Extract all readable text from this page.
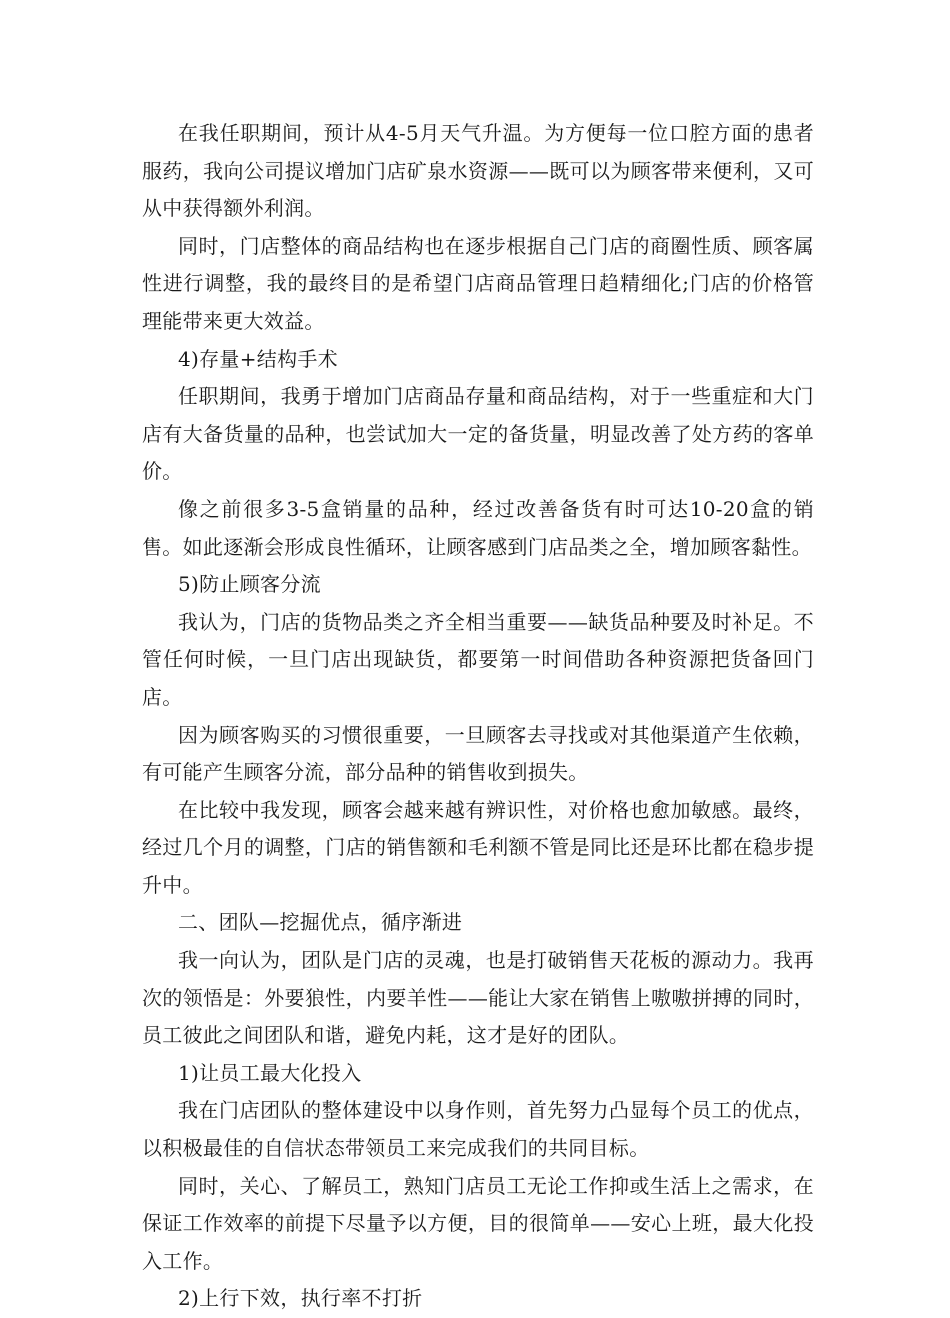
在我任职期间，预计从4-5月天气升温。为方便每一位口腔方面的患者服药，我向公司提议增加门店矿泉水资源——既可以为顾客带来便利，又可从中获得额外利润。

同时，门店整体的商品结构也在逐步根据自己门店的商圈性质、顾客属性进行调整，我的最终目的是希望门店商品管理日趋精细化;门店的价格管理能带来更大效益。

4)存量+结构手术

任职期间，我勇于增加门店商品存量和商品结构，对于一些重症和大门店有大备货量的品种，也尝试加大一定的备货量，明显改善了处方药的客单价。

像之前很多3-5盒销量的品种，经过改善备货有时可达10-20盒的销售。如此逐渐会形成良性循环，让顾客感到门店品类之全，增加顾客黏性。

5)防止顾客分流

我认为，门店的货物品类之齐全相当重要——缺货品种要及时补足。不管任何时候，一旦门店出现缺货，都要第一时间借助各种资源把货备回门店。

因为顾客购买的习惯很重要，一旦顾客去寻找或对其他渠道产生依赖，有可能产生顾客分流，部分品种的销售收到损失。

在比较中我发现，顾客会越来越有辨识性，对价格也愈加敏感。最终，经过几个月的调整，门店的销售额和毛利额不管是同比还是环比都在稳步提升中。

二、团队—挖掘优点，循序渐进

我一向认为，团队是门店的灵魂，也是打破销售天花板的源动力。我再次的领悟是：外要狼性，内要羊性——能让大家在销售上嗷嗷拼搏的同时，员工彼此之间团队和谐，避免内耗，这才是好的团队。

1)让员工最大化投入

我在门店团队的整体建设中以身作则，首先努力凸显每个员工的优点，以积极最佳的自信状态带领员工来完成我们的共同目标。

同时，关心、了解员工，熟知门店员工无论工作抑或生活上之需求，在保证工作效率的前提下尽量予以方便，目的很简单——安心上班，最大化投入工作。

2)上行下效，执行率不打折
